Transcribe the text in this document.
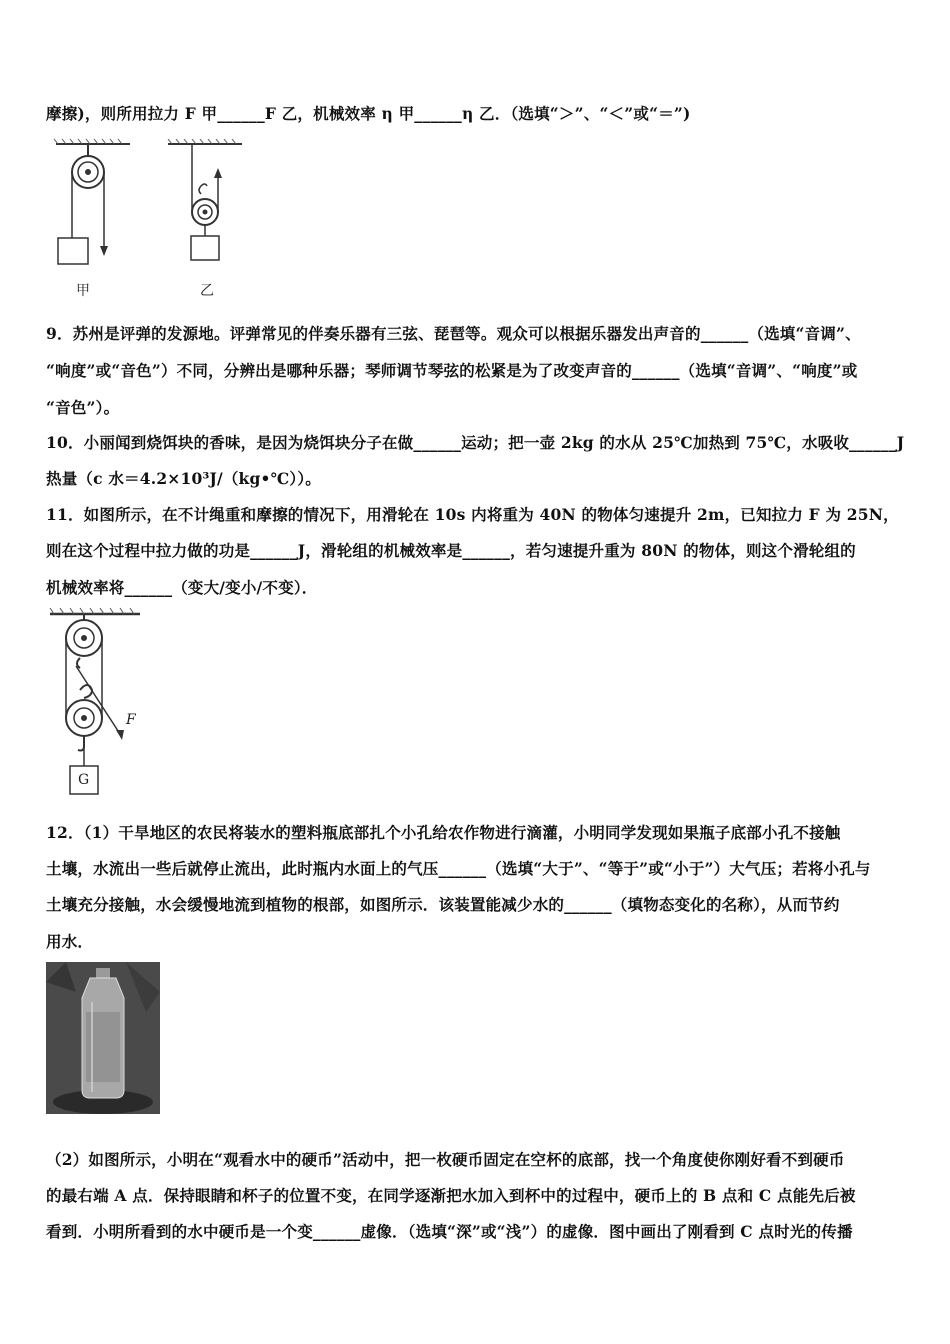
摩擦)，则所用拉力 F 甲______F 乙，机械效率 η 甲______η 乙．（选填“＞”、“＜”或“＝”)
甲	乙
9．苏州是评弹的发源地。评弹常见的伴奏乐器有三弦、琵琶等。观众可以根据乐器发出声音的______（选填“音调”、
“响度”或“音色”）不同，分辨出是哪种乐器；琴师调节琴弦的松紧是为了改变声音的______（选填“音调”、“响度”或
“音色”）。
10．小丽闻到烧饵块的香味，是因为烧饵块分子在做______运动；把一壶 2kg 的水从 25℃加热到 75℃，水吸收______J
热量（c 水＝4.2×10³J/（kg•℃））。
11．如图所示，在不计绳重和摩擦的情况下，用滑轮在 10s 内将重为 40N 的物体匀速提升 2m，已知拉力 F 为 25N，
则在这个过程中拉力做的功是______J，滑轮组的机械效率是______，若匀速提升重为 80N 的物体，则这个滑轮组的
机械效率将______（变大/变小/不变）．
F
G
12．（1）干旱地区的农民将装水的塑料瓶底部扎个小孔给农作物进行滴灌，小明同学发现如果瓶子底部小孔不接触
土壤，水流出一些后就停止流出，此时瓶内水面上的气压______（选填“大于”、“等于”或“小于”）大气压；若将小孔与
土壤充分接触，水会缓慢地流到植物的根部，如图所示．该装置能减少水的______（填物态变化的名称），从而节约
用水．
（2）如图所示，小明在“观看水中的硬币”活动中，把一枚硬币固定在空杯的底部，找一个角度使你刚好看不到硬币
的最右端 A 点．保持眼睛和杯子的位置不变，在同学逐渐把水加入到杯中的过程中，硬币上的 B 点和 C 点能先后被
看到．小明所看到的水中硬币是一个变______虚像．（选填“深”或“浅”）的虚像．图中画出了刚看到 C 点时光的传播
